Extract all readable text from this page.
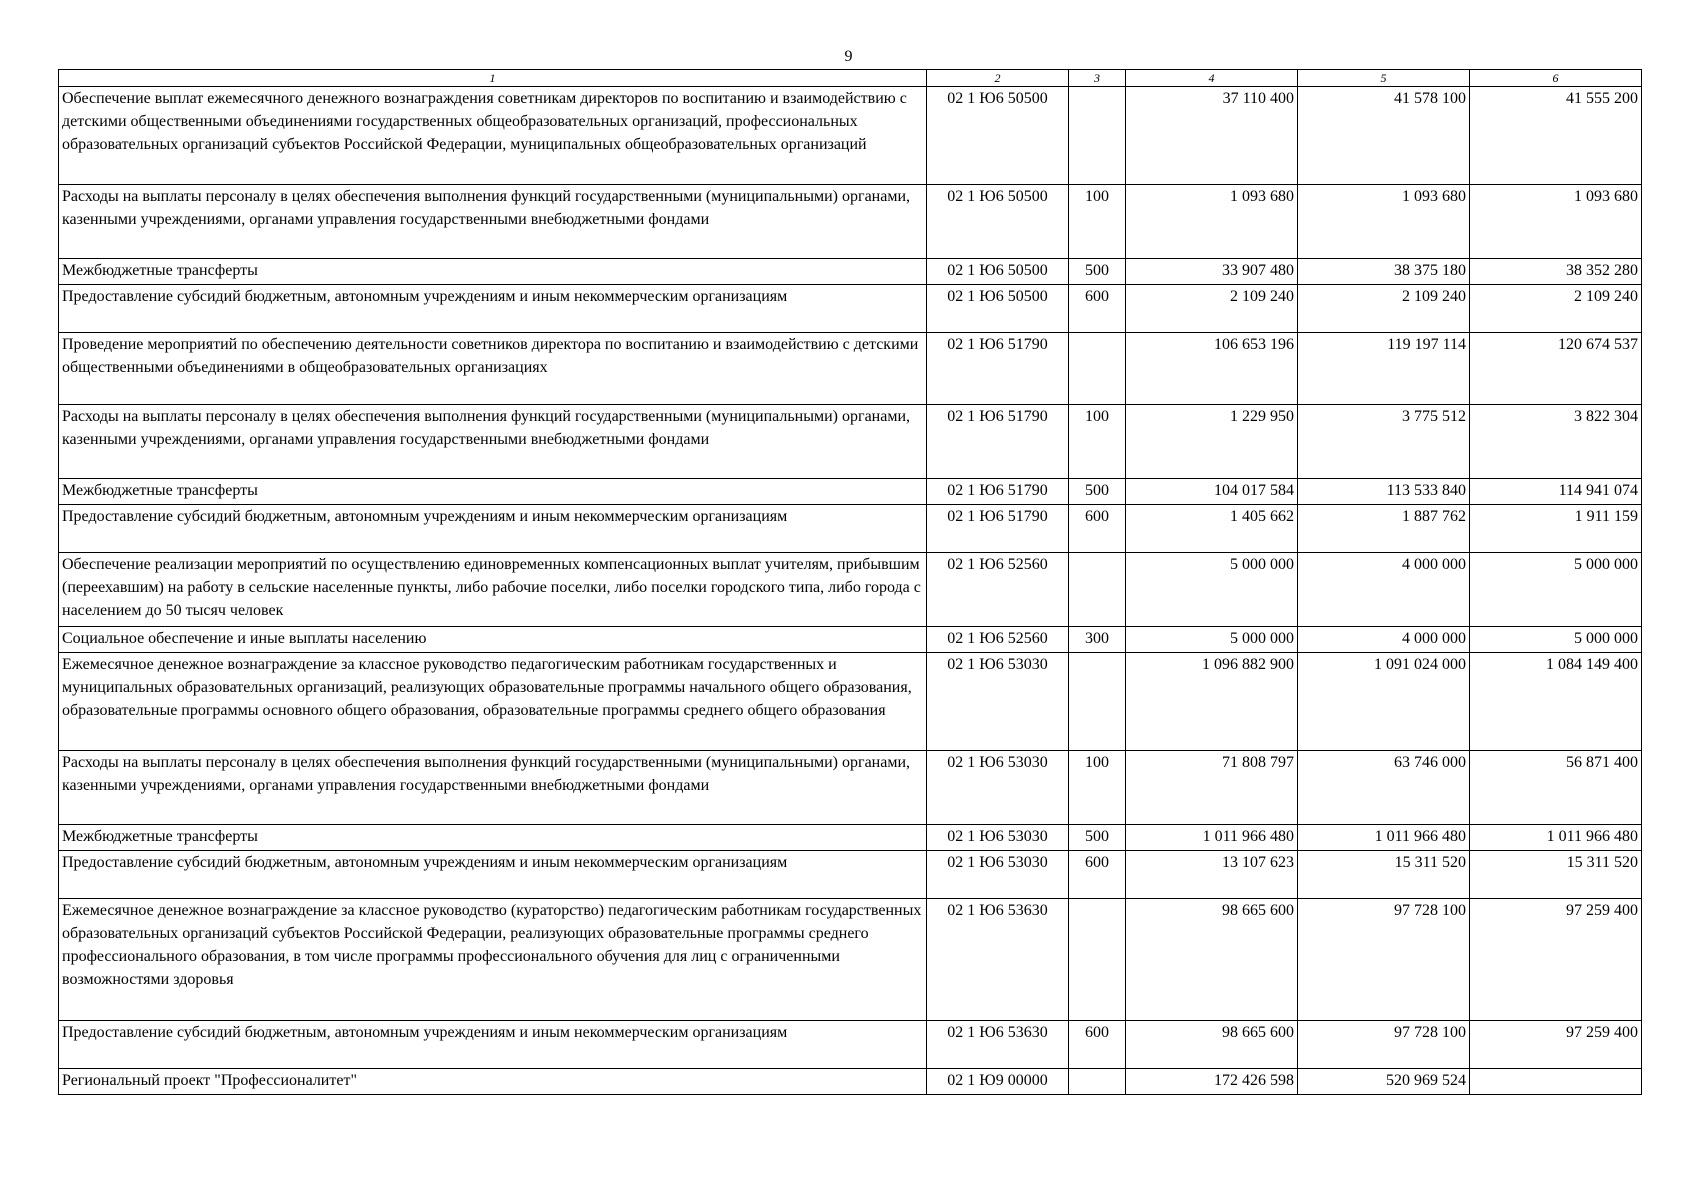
9
1	2	3	4	5	6
Обеспечение выплат ежемесячного денежного вознаграждения советникам директоров по воспитанию и взаимодействию с детскими общественными объединениями государственных общеобразовательных организаций, профессиональных образовательных организаций субъектов Российской Федерации, муниципальных общеобразовательных организаций	02 1 Ю6 50500		37 110 400	41 578 100	41 555 200
Расходы на выплаты персоналу в целях обеспечения выполнения функций государственными (муниципальными) органами, казенными учреждениями, органами управления государственными внебюджетными фондами	02 1 Ю6 50500	100	1 093 680	1 093 680	1 093 680
Межбюджетные трансферты	02 1 Ю6 50500	500	33 907 480	38 375 180	38 352 280
Предоставление субсидий бюджетным, автономным учреждениям и иным некоммерческим организациям	02 1 Ю6 50500	600	2 109 240	2 109 240	2 109 240
Проведение мероприятий по обеспечению деятельности советников директора по воспитанию и взаимодействию с детскими общественными объединениями в общеобразовательных организациях	02 1 Ю6 51790		106 653 196	119 197 114	120 674 537
Расходы на выплаты персоналу в целях обеспечения выполнения функций государственными (муниципальными) органами, казенными учреждениями, органами управления государственными внебюджетными фондами	02 1 Ю6 51790	100	1 229 950	3 775 512	3 822 304
Межбюджетные трансферты	02 1 Ю6 51790	500	104 017 584	113 533 840	114 941 074
Предоставление субсидий бюджетным, автономным учреждениям и иным некоммерческим организациям	02 1 Ю6 51790	600	1 405 662	1 887 762	1 911 159
Обеспечение реализации мероприятий по осуществлению единовременных компенсационных выплат учителям, прибывшим (переехавшим) на работу в сельские населенные пункты, либо рабочие поселки, либо поселки городского типа, либо города с населением до 50 тысяч человек	02 1 Ю6 52560		5 000 000	4 000 000	5 000 000
Социальное обеспечение и иные выплаты населению	02 1 Ю6 52560	300	5 000 000	4 000 000	5 000 000
Ежемесячное денежное вознаграждение за классное руководство педагогическим работникам государственных и муниципальных образовательных организаций, реализующих образовательные программы начального общего образования, образовательные программы основного общего образования, образовательные программы среднего общего образования	02 1 Ю6 53030		1 096 882 900	1 091 024 000	1 084 149 400
Расходы на выплаты персоналу в целях обеспечения выполнения функций государственными (муниципальными) органами, казенными учреждениями, органами управления государственными внебюджетными фондами	02 1 Ю6 53030	100	71 808 797	63 746 000	56 871 400
Межбюджетные трансферты	02 1 Ю6 53030	500	1 011 966 480	1 011 966 480	1 011 966 480
Предоставление субсидий бюджетным, автономным учреждениям и иным некоммерческим организациям	02 1 Ю6 53030	600	13 107 623	15 311 520	15 311 520
Ежемесячное денежное вознаграждение за классное руководство (кураторство) педагогическим работникам государственных образовательных организаций субъектов Российской Федерации, реализующих образовательные программы среднего профессионального образования, в том числе программы профессионального обучения для лиц с ограниченными возможностями здоровья	02 1 Ю6 53630		98 665 600	97 728 100	97 259 400
Предоставление субсидий бюджетным, автономным учреждениям и иным некоммерческим организациям	02 1 Ю6 53630	600	98 665 600	97 728 100	97 259 400
Региональный проект "Профессионалитет"	02 1 Ю9 00000		172 426 598	520 969 524	
